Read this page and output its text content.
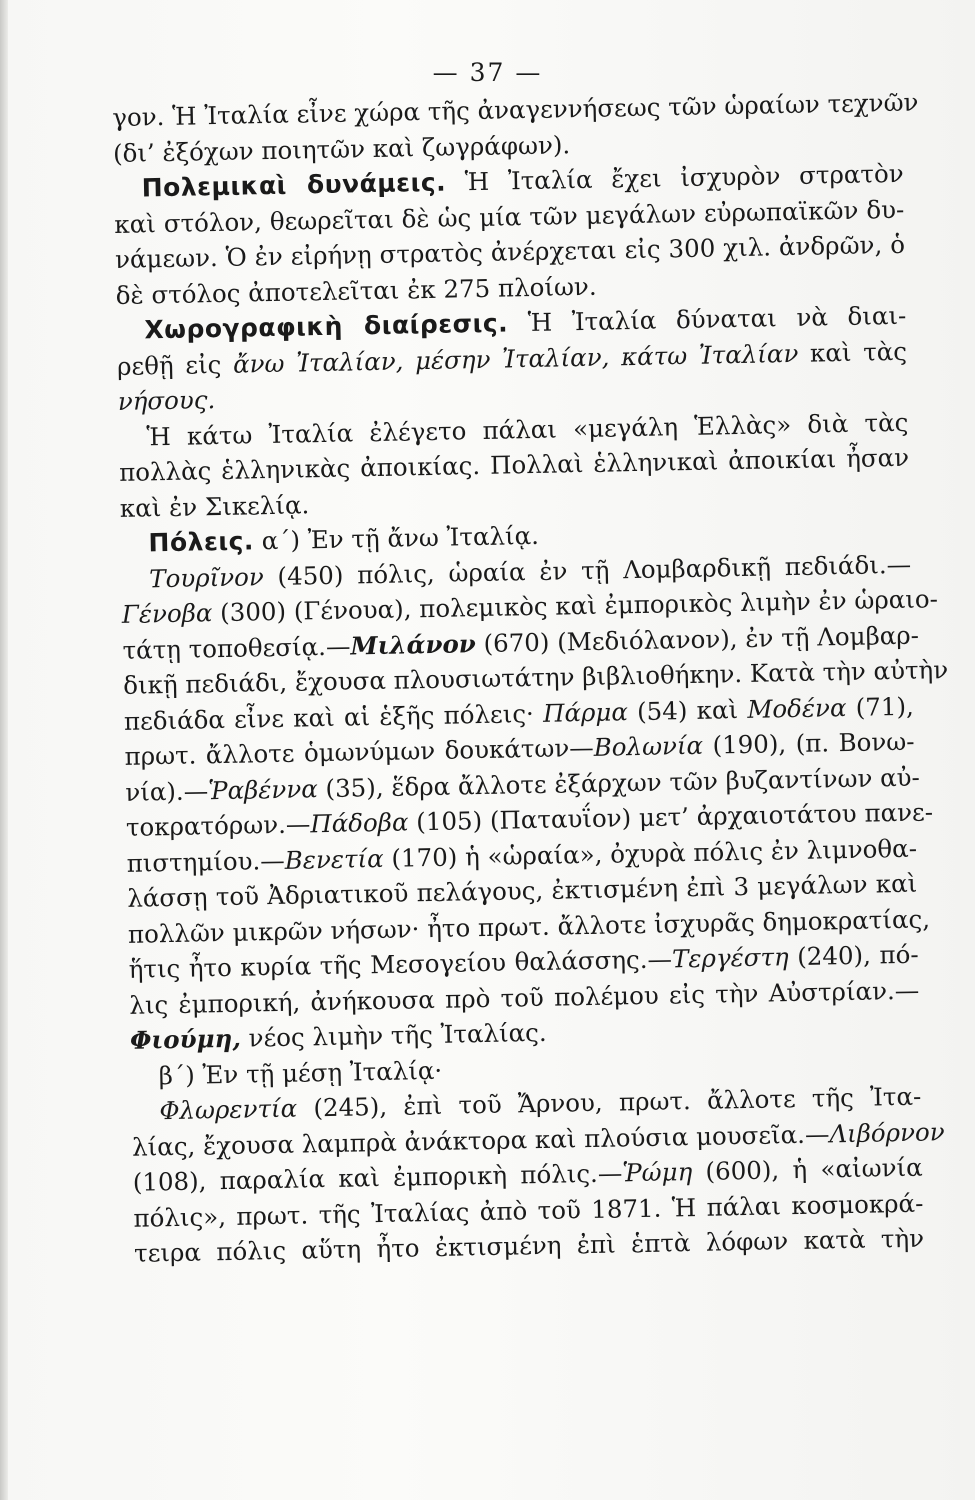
— 37 —
γον. Ἡ Ἰταλία εἶνε χώρα τῆς ἀναγεννήσεως τῶν ὡραίων τεχνῶν
(δι’ ἐξόχων ποιητῶν καὶ ζωγράφων).
Πολεμικαὶ δυνάμεις. Ἡ Ἰταλία ἔχει ἰσχυρὸν στρατὸν
καὶ στόλον, θεωρεῖται δὲ ὡς μία τῶν μεγάλων εὐρωπαϊκῶν δυ-
νάμεων. Ὁ ἐν εἰρήνῃ στρατὸς ἀνέρχεται εἰς 300 χιλ. ἀνδρῶν, ὁ
δὲ στόλος ἀποτελεῖται ἐκ 275 πλοίων.
Χωρογραφικὴ διαίρεσις. Ἡ Ἰταλία δύναται νὰ διαι-
ρεθῇ εἰς ἄνω Ἰταλίαν, μέσην Ἰταλίαν, κάτω Ἰταλίαν καὶ τὰς
νήσους.
Ἡ κάτω Ἰταλία ἐλέγετο πάλαι «μεγάλη Ἑλλὰς» διὰ τὰς
πολλὰς ἑλληνικὰς ἀποικίας. Πολλαὶ ἑλληνικαὶ ἀποικίαι ἦσαν
καὶ ἐν Σικελίᾳ.
Πόλεις. α΄) Ἐν τῇ ἄνω Ἰταλίᾳ.
Τουρῖνον (450) πόλις, ὡραία ἐν τῇ Λομβαρδικῇ πεδιάδι.—
Γένοβα (300) (Γένουα), πολεμικὸς καὶ ἐμπορικὸς λιμὴν ἐν ὡραιο-
τάτῃ τοποθεσίᾳ.—Μιλάνον (670) (Μεδιόλανον), ἐν τῇ Λομβαρ-
δικῇ πεδιάδι, ἔχουσα πλουσιωτάτην βιβλιοθήκην. Κατὰ τὴν αὐτὴν
πεδιάδα εἶνε καὶ αἱ ἑξῆς πόλεις· Πάρμα (54) καὶ Μοδένα (71),
πρωτ. ἄλλοτε ὁμωνύμων δουκάτων—Βολωνία (190), (π. Βονω-
νία).—Ῥαβέννα (35), ἕδρα ἄλλοτε ἐξάρχων τῶν βυζαντίνων αὐ-
τοκρατόρων.—Πάδοβα (105) (Παταυΐον) μετ’ ἀρχαιοτάτου πανε-
πιστημίου.—Βενετία (170) ἡ «ὡραία», ὀχυρὰ πόλις ἐν λιμνοθα-
λάσσῃ τοῦ Ἀδριατικοῦ πελάγους, ἐκτισμένη ἐπὶ 3 μεγάλων καὶ
πολλῶν μικρῶν νήσων· ἦτο πρωτ. ἄλλοτε ἰσχυρᾶς δημοκρατίας,
ἥτις ἦτο κυρία τῆς Μεσογείου θαλάσσης.—Τεργέστη (240), πό-
λις ἐμπορική, ἀνήκουσα πρὸ τοῦ πολέμου εἰς τὴν Αὐστρίαν.—
Φιούμη, νέος λιμὴν τῆς Ἰταλίας.
β΄) Ἐν τῇ μέσῃ Ἰταλίᾳ·
Φλωρεντία (245), ἐπὶ τοῦ Ἄρνου, πρωτ. ἄλλοτε τῆς Ἰτα-
λίας, ἔχουσα λαμπρὰ ἀνάκτορα καὶ πλούσια μουσεῖα.—Λιβόρνον
(108), παραλία καὶ ἐμπορικὴ πόλις.—Ῥώμη (600), ἡ «αἰωνία
πόλις», πρωτ. τῆς Ἰταλίας ἀπὸ τοῦ 1871. Ἡ πάλαι κοσμοκρά-
τειρα πόλις αὕτη ἦτο ἐκτισμένη ἐπὶ ἑπτὰ λόφων κατὰ τὴν
